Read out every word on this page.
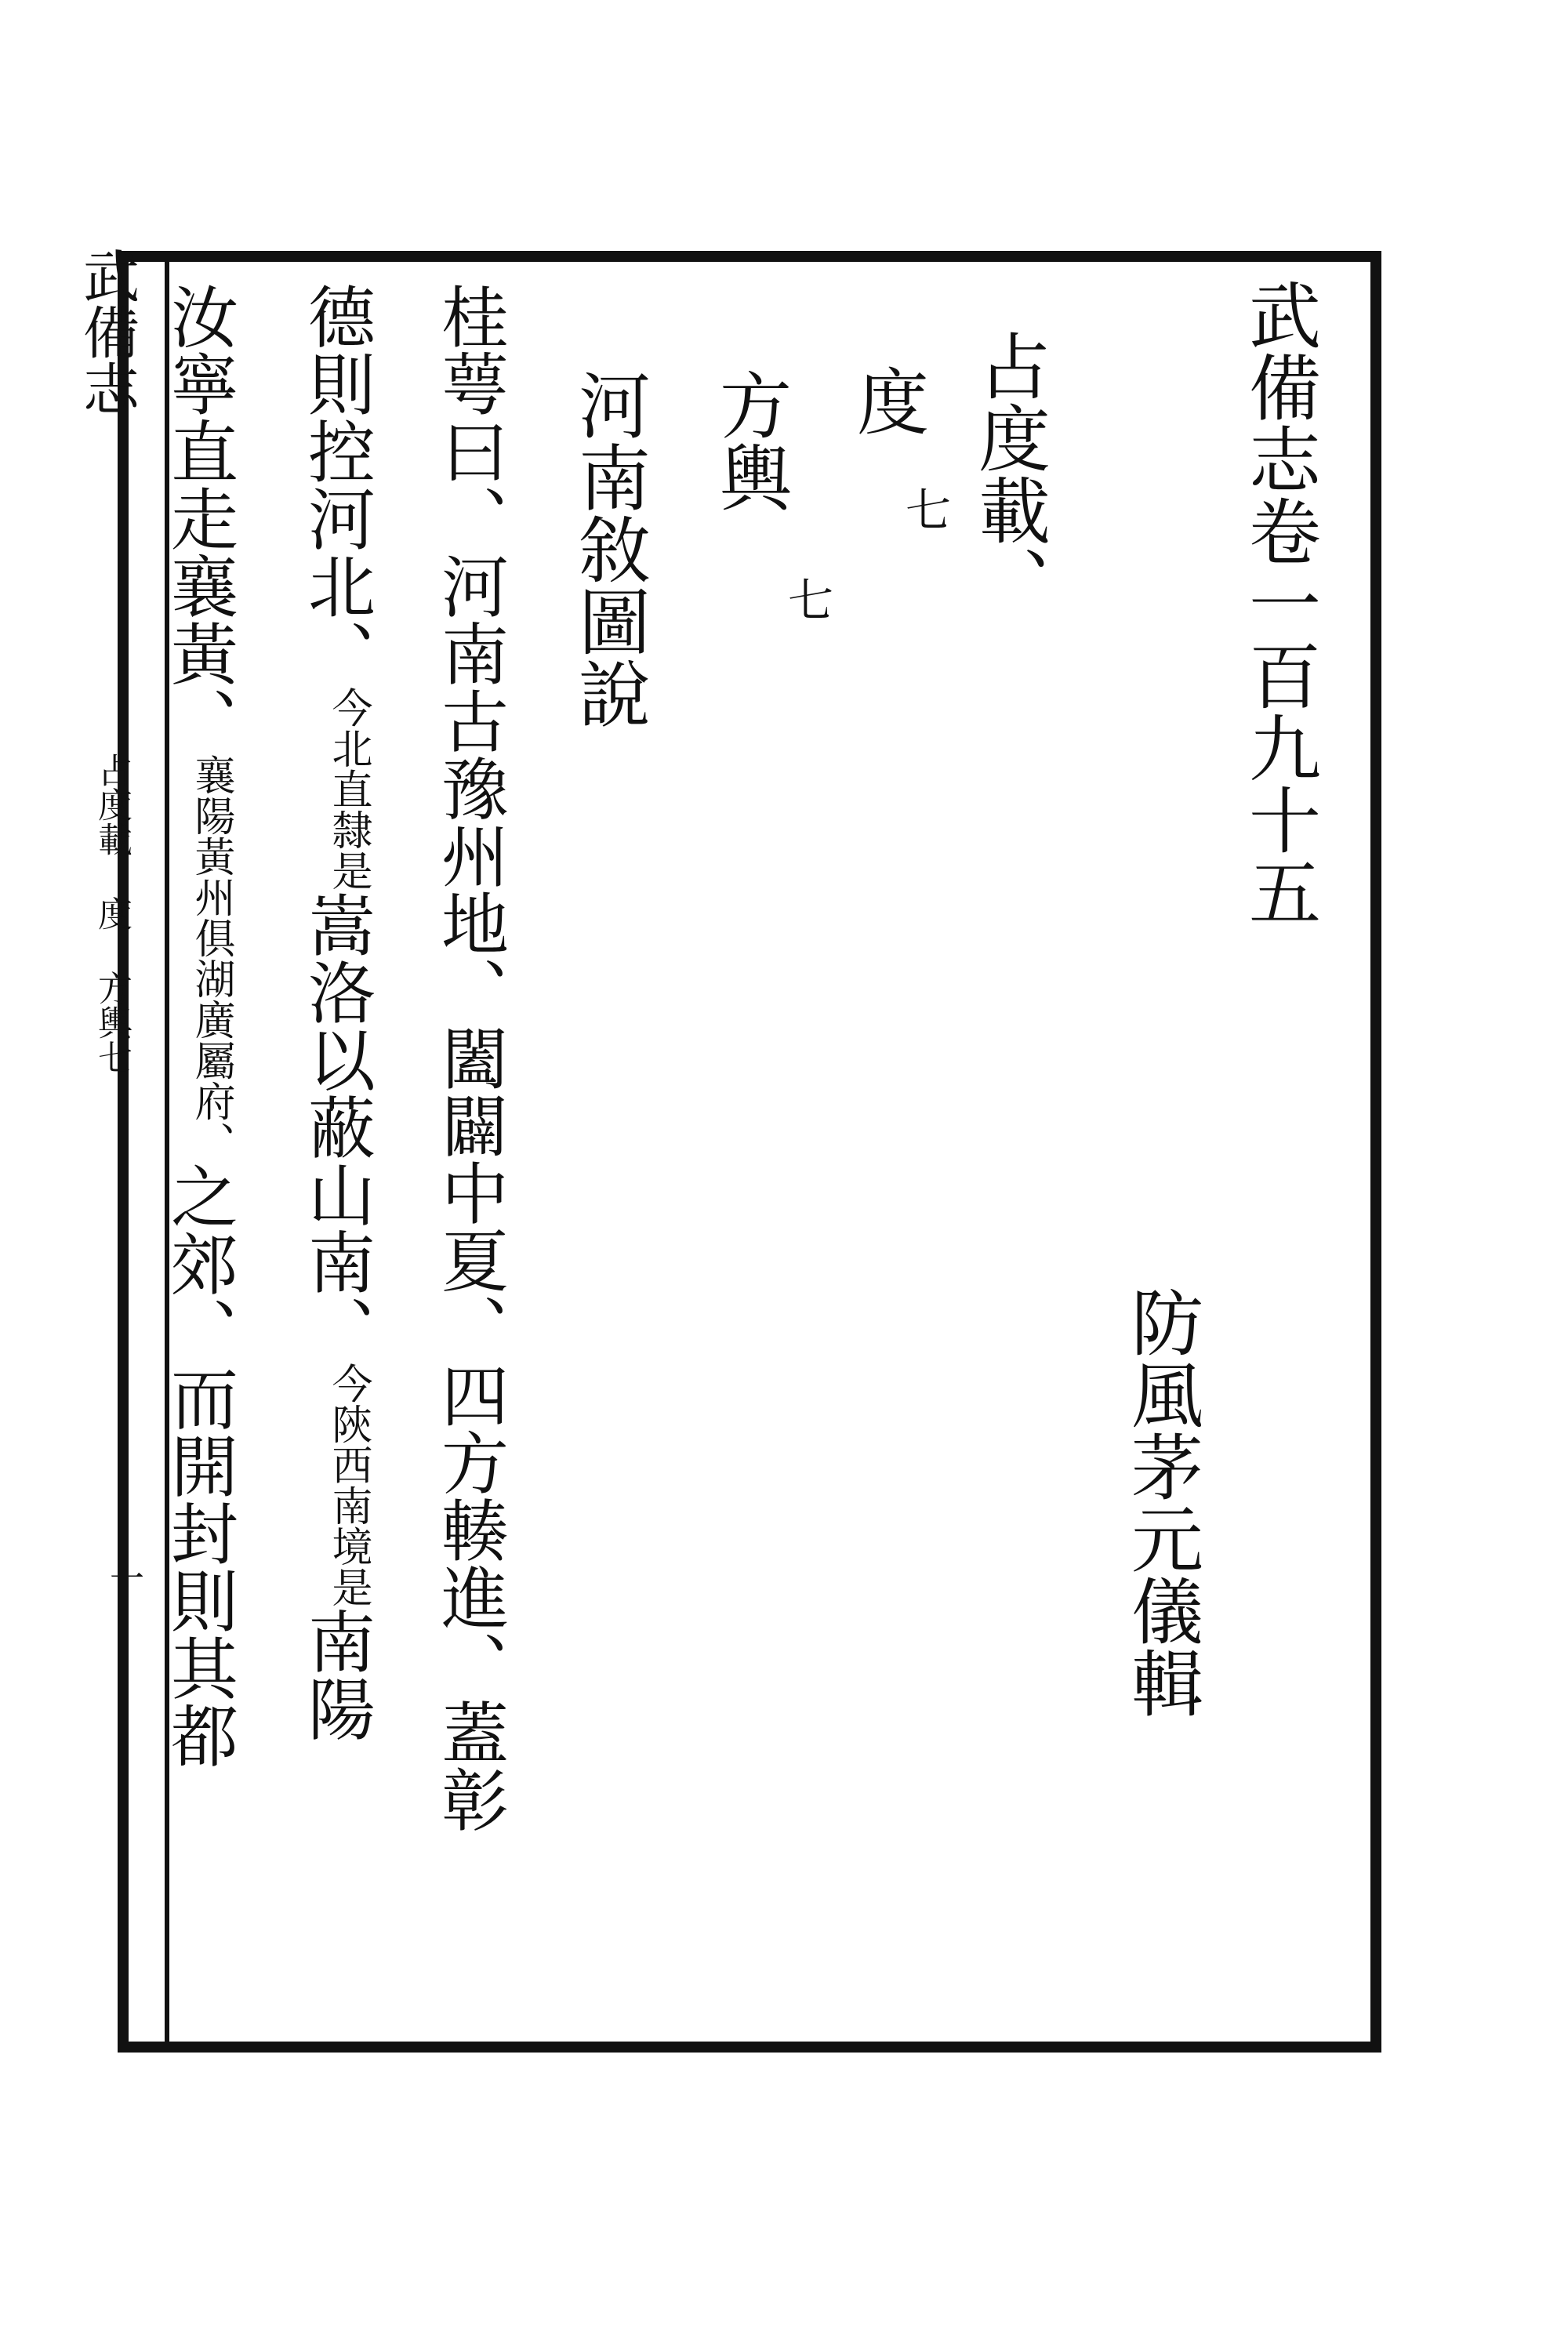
武備志卷一百九十五
防風茅元儀輯
占度載、
度
七
方輿
七
河南敘圖說
桂萼曰、河南古豫州地、闔闢中夏、四方輳進、蓋彰
德則控河北、今北直隸是嵩洛以蔽山南、今陝西南境是南陽
汝寧直走襄黃、襄陽黃州俱湖廣屬府、之郊、而開封則其都
武備志
占度載 度 方輿七
一
